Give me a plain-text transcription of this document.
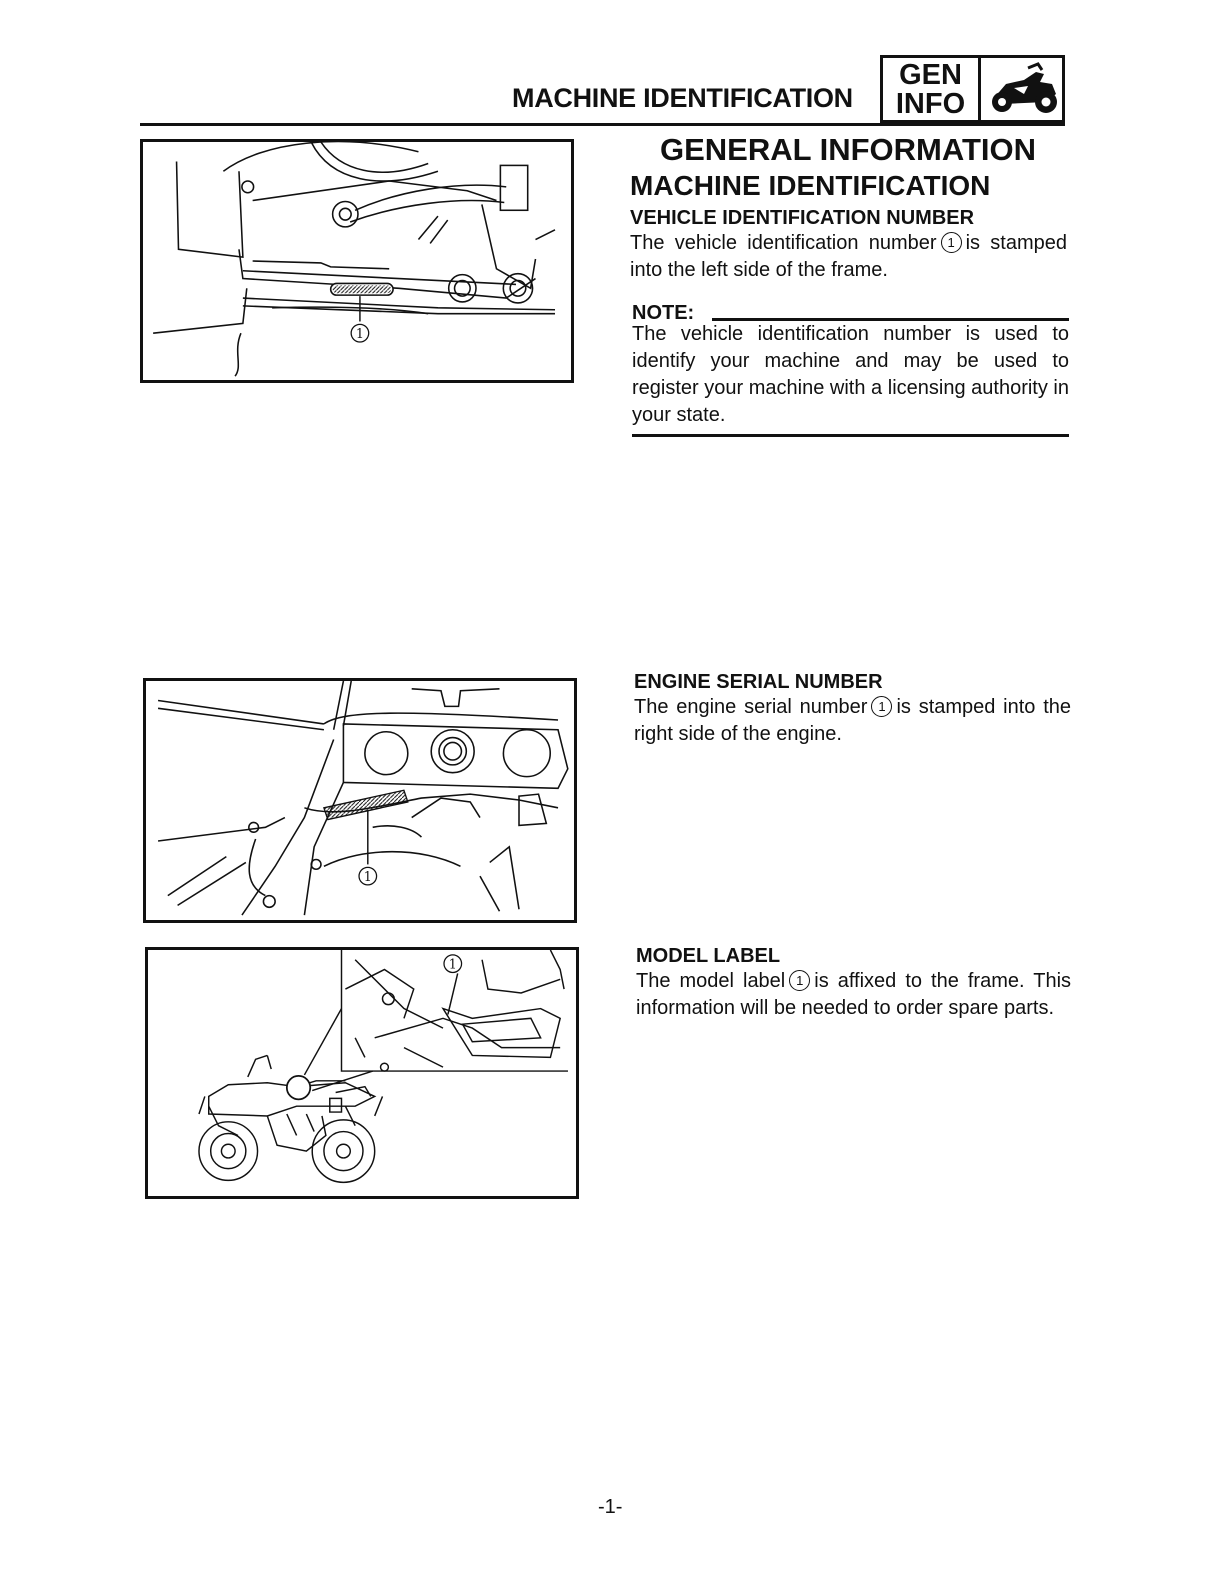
MACHINE IDENTIFICATION
GEN
INFO
1
GENERAL INFORMATION
MACHINE IDENTIFICATION
VEHICLE IDENTIFICATION NUMBER
The vehicle identification number 1 is stamped into the left side of the frame.
NOTE:
The vehicle identification number is used to identify your machine and may be used to register your machine with a licensing authority in your state.
1
ENGINE SERIAL NUMBER
The engine serial number 1 is stamped into the right side of the engine.
1	MODEL LABEL
The model label 1 is affixed to the frame. This information will be needed to order spare parts.
-1-
